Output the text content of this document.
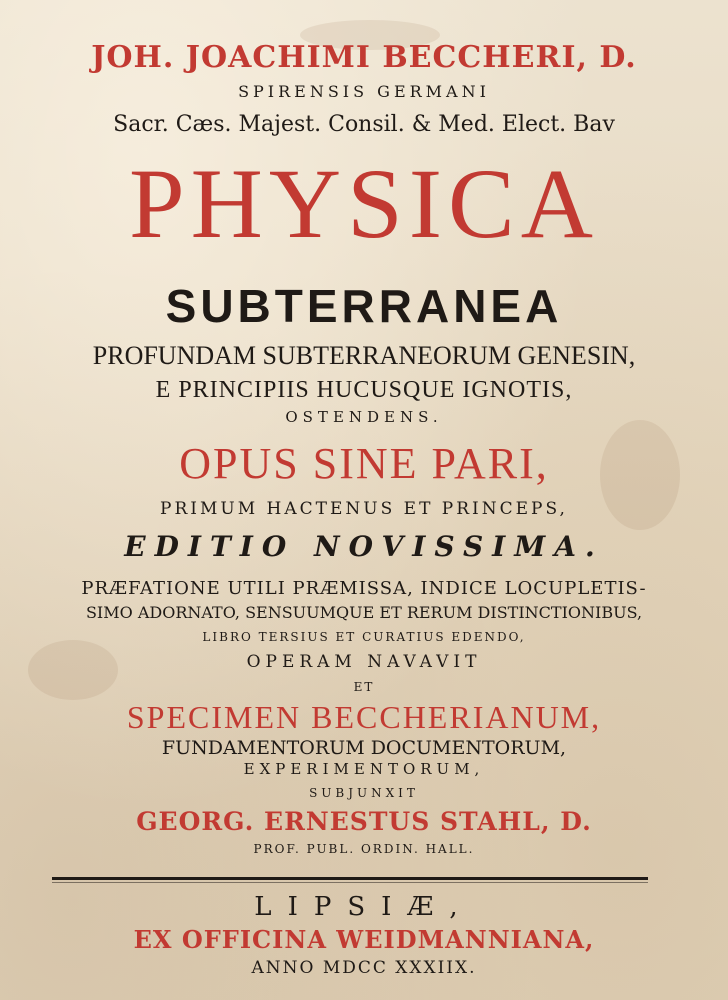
JOH. JOACHIMI BECCHERI, D.
SPIRENSIS GERMANI
Sacr. Cæs. Majest. Consil. & Med. Elect. Bav
PHYSICA
SUBTERRANEA
PROFUNDAM SUBTERRANEORUM GENESIN,
E PRINCIPIIS HUCUSQUE IGNOTIS,
OSTENDENS.
OPUS SINE PARI,
PRIMUM HACTENUS ET PRINCEPS,
EDITIO NOVISSIMA.
PRÆFATIONE UTILI PRÆMISSA, INDICE LOCUPLETIS-
SIMO ADORNATO, SENSUUMQUE ET RERUM DISTINCTIONIBUS,
LIBRO TERSIUS ET CURATIUS EDENDO,
OPERAM NAVAVIT
ET
SPECIMEN BECCHERIANUM,
FUNDAMENTORUM DOCUMENTORUM,
EXPERIMENTORUM,
SUBJUNXIT
GEORG. ERNESTUS STAHL, D.
PROF. PUBL. ORDIN. HALL.
LIPSIÆ,
EX OFFICINA WEIDMANNIANA,
ANNO MDCC XXXIIX.
